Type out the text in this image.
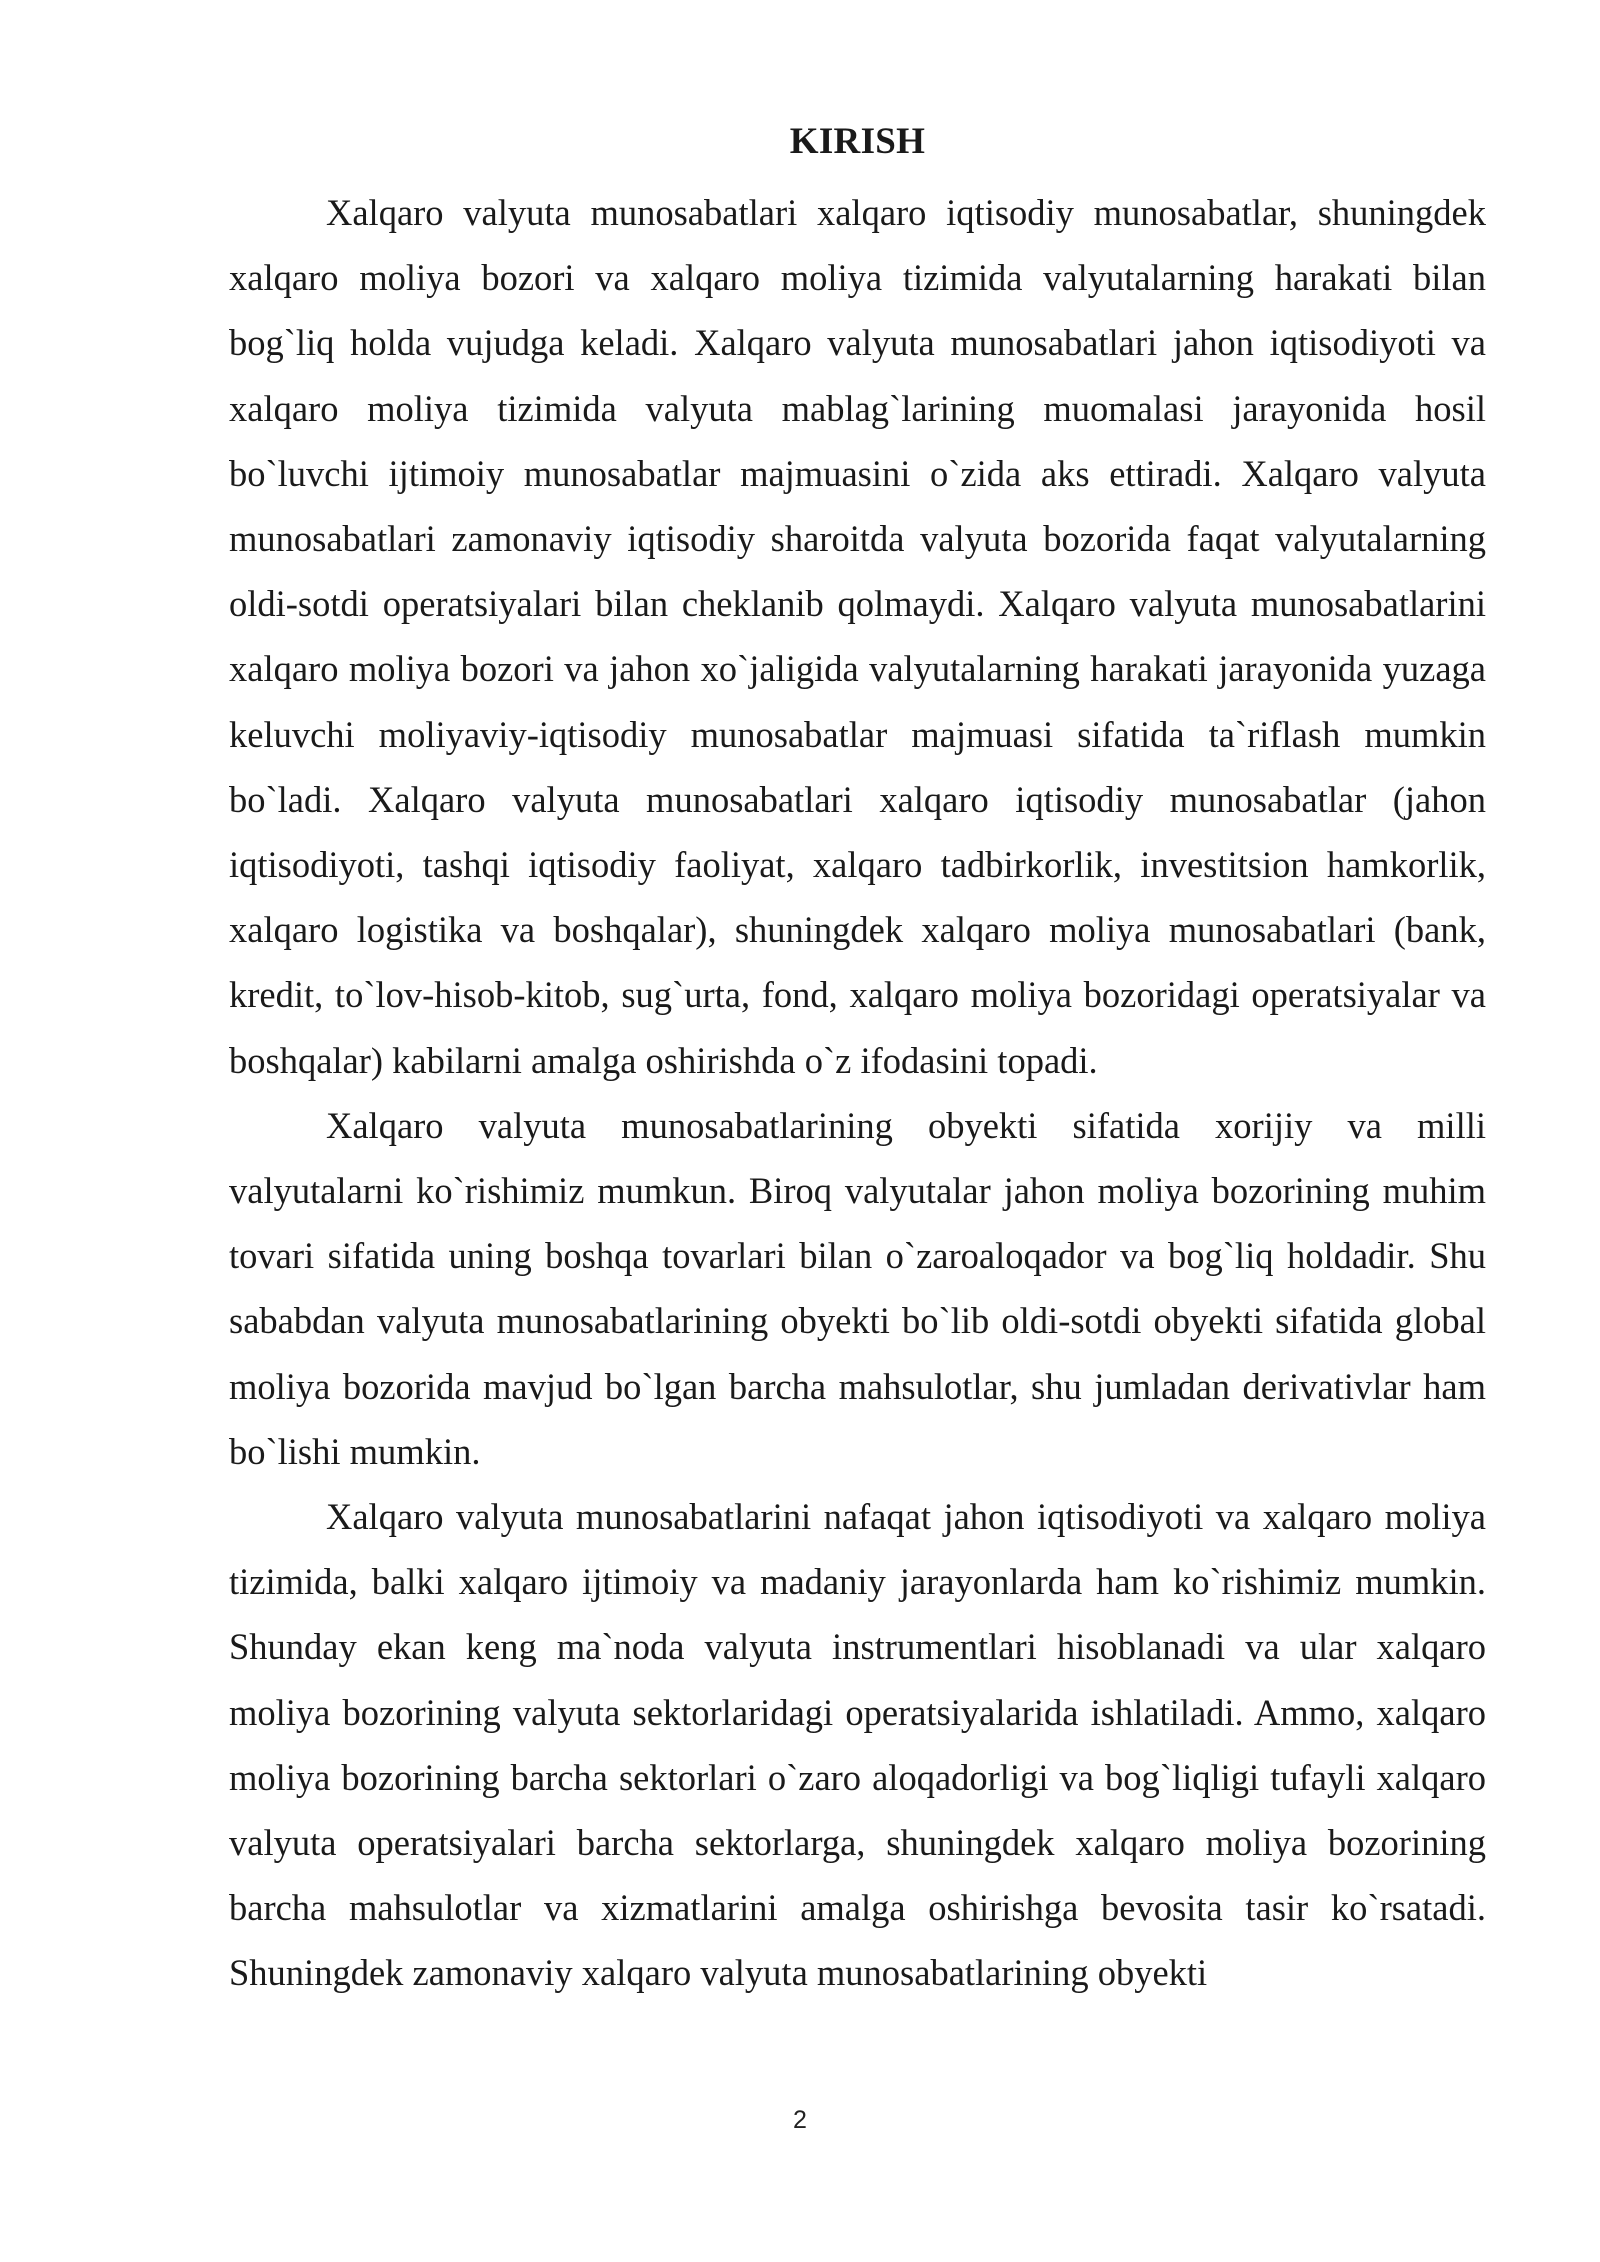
KIRISH

Xalqaro valyuta munosabatlari xalqaro iqtisodiy munosabatlar, shuningdek xalqaro moliya bozori va xalqaro moliya tizimida valyutalarning harakati bilan bog`liq holda vujudga keladi. Xalqaro valyuta munosabatlari jahon iqtisodiyoti va xalqaro moliya tizimida valyuta mablag`larining muomalasi jarayonida hosil bo`luvchi ijtimoiy munosabatlar majmuasini o`zida aks ettiradi. Xalqaro valyuta munosabatlari zamonaviy iqtisodiy sharoitda valyuta bozorida faqat valyutalarning oldi-sotdi operatsiyalari bilan cheklanib qolmaydi. Xalqaro valyuta munosabatlarini xalqaro moliya bozori va jahon xo`jaligida valyutalarning harakati jarayonida yuzaga keluvchi moliyaviy-iqtisodiy munosabatlar majmuasi sifatida ta`riflash mumkin bo`ladi. Xalqaro valyuta munosabatlari xalqaro iqtisodiy munosabatlar (jahon iqtisodiyoti, tashqi iqtisodiy faoliyat, xalqaro tadbirkorlik, investitsion hamkorlik, xalqaro logistika va boshqalar), shuningdek xalqaro moliya munosabatlari (bank, kredit, to`lov-hisob-kitob, sug`urta, fond, xalqaro moliya bozoridagi operatsiyalar va boshqalar) kabilarni amalga oshirishda o`z ifodasini topadi.

Xalqaro valyuta munosabatlarining obyekti sifatida xorijiy va milli valyutalarni ko`rishimiz mumkun. Biroq valyutalar jahon moliya bozorining muhim tovari sifatida uning boshqa tovarlari bilan o`zaroaloqador va bog`liq holdadir. Shu sababdan valyuta munosabatlarining obyekti bo`lib oldi-sotdi obyekti sifatida global moliya bozorida mavjud bo`lgan barcha mahsulotlar, shu jumladan derivativlar ham bo`lishi mumkin.

Xalqaro valyuta munosabatlarini nafaqat jahon iqtisodiyoti va xalqaro moliya tizimida, balki xalqaro ijtimoiy va madaniy jarayonlarda ham ko`rishimiz mumkin. Shunday ekan keng ma`noda valyuta instrumentlari hisoblanadi va ular xalqaro moliya bozorining valyuta sektorlaridagi operatsiyalarida ishlatiladi. Ammo, xalqaro moliya bozorining barcha sektorlari o`zaro aloqadorligi va bog`liqligi tufayli xalqaro valyuta operatsiyalari barcha sektorlarga, shuningdek xalqaro moliya bozorining barcha mahsulotlar va xizmatlarini amalga oshirishga bevosita tasir ko`rsatadi. Shuningdek zamonaviy xalqaro valyuta munosabatlarining obyekti

2
